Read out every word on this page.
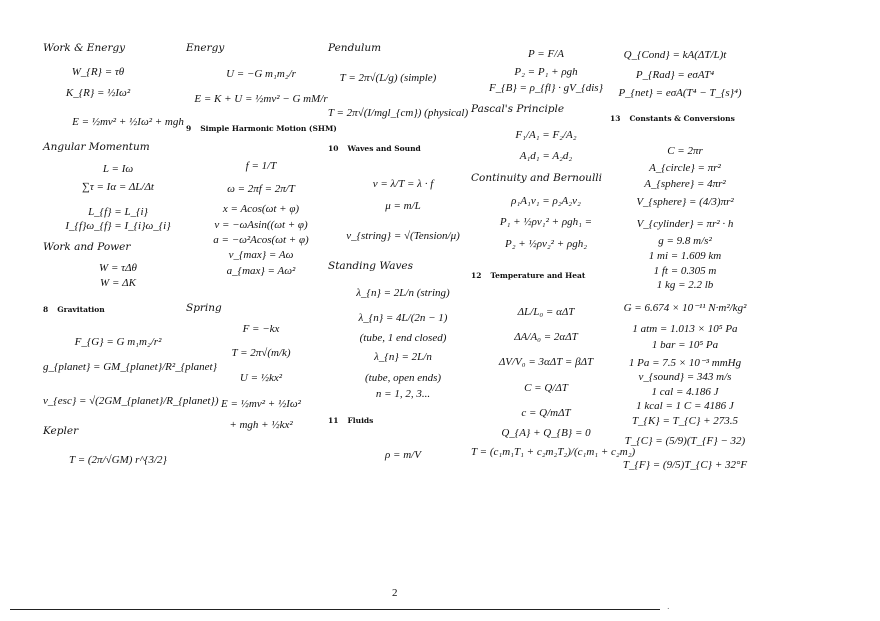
Work & Energy
W_{R} = τθ
K_{R} = ½Iω²
E = ½mv² + ½Iω² + mgh
Angular Momentum
L = Iω
∑τ = Iα = ΔL/Δt
L_{f} = L_{i}
I_{f}ω_{f} = I_{i}ω_{i}
Work and Power
W = τΔθ
W = ΔK
8 Gravitation
F_{G} = G m₁m₂/r²
g_{planet} = GM_{planet}/R²_{planet}
v_{esc} = √(2GM_{planet}/R_{planet})
Kepler
T = (2π/√GM) r^{3/2}
Energy
U = −G m₁m₂/r
E = K + U = ½mv² − G mM/r
9 Simple Harmonic Motion (SHM)
f = 1/T
ω = 2πf = 2π/T
x = Acos(ωt + φ)
v = −ωAsin((ωt + φ)
a = −ω²Acos(ωt + φ)
v_{max} = Aω
a_{max} = Aω²
Spring
F = −kx
T = 2π√(m/k)
U = ½kx²
E = ½mv² + ½Iω²
+ mgh + ½kx²
Pendulum
T = 2π√(L/g) (simple)
T = 2π√(I/mgl_{cm}) (physical)
10 Waves and Sound
v = λ/T = λ · f
μ = m/L
v_{string} = √(Tension/μ)
Standing Waves
λ_{n} = 2L/n (string)
λ_{n} = 4L/(2n − 1)
(tube, 1 end closed)
λ_{n} = 2L/n
(tube, open ends)
n = 1, 2, 3...
11 Fluids
ρ = m/V
P = F/A
P₂ = P₁ + ρgh
F_{B} = ρ_{fl} · gV_{dis}
Pascal's Principle
F₁/A₁ = F₂/A₂
A₁d₁ = A₂d₂
Continuity and Bernoulli
ρ₁A₁v₁ = ρ₂A₂v₂
P₁ + ½ρv₁² + ρgh₁ =
P₂ + ½ρv₂² + ρgh₂
12 Temperature and Heat
ΔL/L₀ = αΔT
ΔA/A₀ = 2αΔT
ΔV/V₀ = 3αΔT = βΔT
C = Q/ΔT
c = Q/mΔT
Q_{A} + Q_{B} = 0
T = (c₁m₁T₁ + c₂m₂T₂)/(c₁m₁ + c₂m₂)
Q_{Cond} = kA(ΔT/L)t
P_{Rad} = eσAT⁴
P_{net} = eσA(T⁴ − T_{s}⁴)
13 Constants & Conversions
C = 2πr
A_{circle} = πr²
A_{sphere} = 4πr²
V_{sphere} = (4/3)πr²
V_{cylinder} = πr² · h
g = 9.8 m/s²
1 mi = 1.609 km
1 ft = 0.305 m
1 kg = 2.2 lb
G = 6.674 × 10⁻¹¹ N·m²/kg²
1 atm = 1.013 × 10⁵ Pa
1 bar = 10⁵ Pa
1 Pa = 7.5 × 10⁻³ mmHg
v_{sound} = 343 m/s
1 cal = 4.186 J
1 kcal = 1 C = 4186 J
T_{K} = T_{C} + 273.5
T_{C} = (5/9)(T_{F} − 32)
T_{F} = (9/5)T_{C} + 32°F
2
.
